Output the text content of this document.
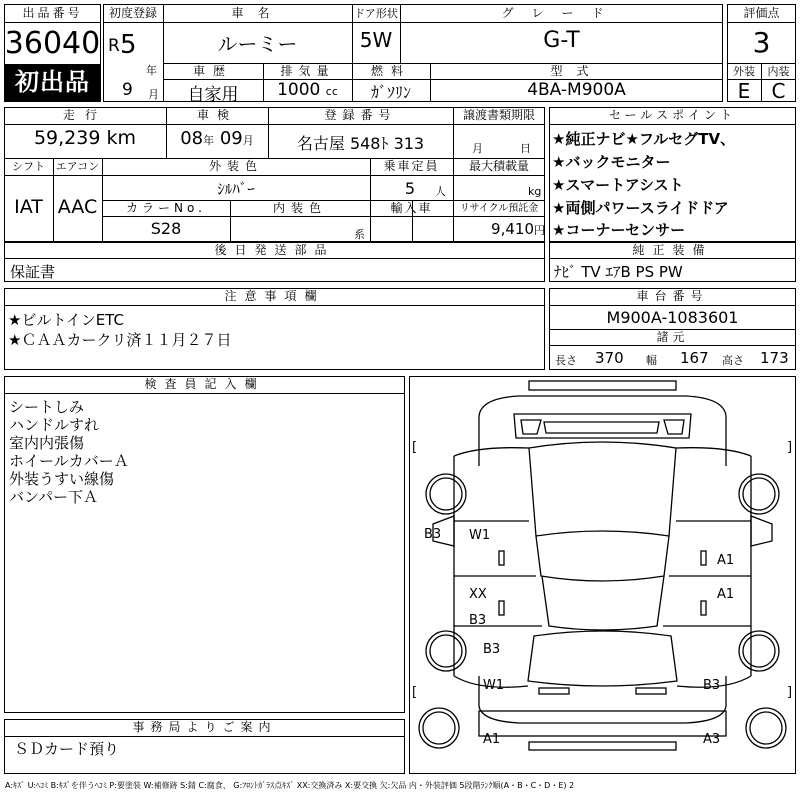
出品番号
36040
初出品
初度登録
R 5
年
9 月
車名
ルーミー
ドア形状
5W
グレード
G-T
車歴
自家用
排気量
1000 cc
燃料
ｶﾞｿﾘﾝ
型式
4BA-M900A
評価点
3
外装	内装
E	C
走行
59,239 km
車検
08年 09月
登録番号
名古屋 548ﾄ 313
譲渡書類期限
月	日
シフト
IAT
エアコン
AAC
外装色
ｼﾙﾊﾞｰ
乗車定員
5	人
最大積載量
kg
カラーNo.
S28
内装色
系
輸入車	リサイクル預託金
9,410円
セールスポイント
★純正ナビ★フルセグTV、
★バックモニター
★スマートアシスト
★両側パワースライドドア
★コーナーセンサー
後日発送部品
保証書
純正装備
ﾅﾋﾞ TV ｴｱB PS PW
注意事項欄
★ビルトインETC
★ＣＡＡカークリ済１１月２７日
車台番号
M900A-1083601
諸元
長さ 370 幅 167 高さ 173
検査員記入欄
シートしみ
ハンドルすれ
室内内張傷
ホイールカバーＡ
外装うすい線傷
バンパー下Ａ
事務局よりご案内
ＳＤカード預り
[	]
[	]
B3 W1
A1
XX	A1
B3
B3
W1	B3
A1	A3
A:ｷｽﾞ U:ﾍｺﾐ B:ｷｽﾞを伴うﾍｺﾐ P:要塗装 W:補修跡 S:錆 C:腐食、 G:ﾌﾛﾝﾄｶﾞﾗｽ点ｷｽﾞ XX:交換済み X:要交換 欠:欠品 内・外装評価 5段階ﾗﾝｸ順(A・B・C・D・E) 2
